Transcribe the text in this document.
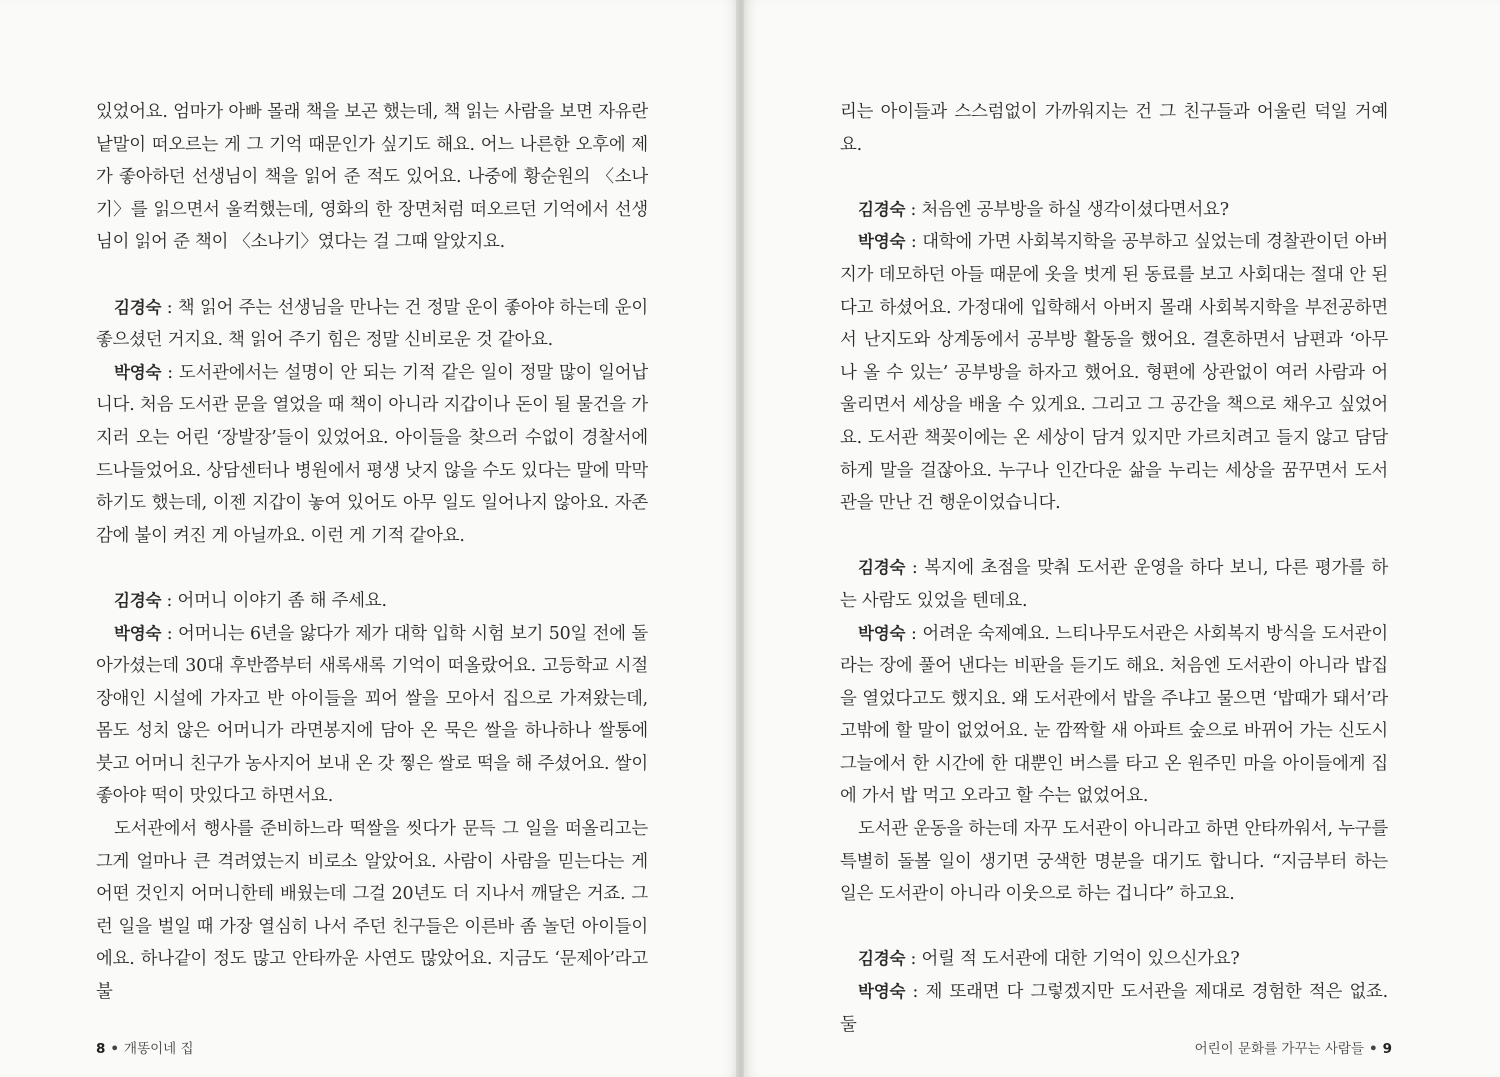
있었어요. 엄마가 아빠 몰래 책을 보곤 했는데, 책 읽는 사람을 보면 자유란 낱말이 떠오르는 게 그 기억 때문인가 싶기도 해요. 어느 나른한 오후에 제가 좋아하던 선생님이 책을 읽어 준 적도 있어요. 나중에 황순원의 〈소나기〉를 읽으면서 울컥했는데, 영화의 한 장면처럼 떠오르던 기억에서 선생님이 읽어 준 책이 〈소나기〉였다는 걸 그때 알았지요.

김경숙 : 책 읽어 주는 선생님을 만나는 건 정말 운이 좋아야 하는데 운이 좋으셨던 거지요. 책 읽어 주기 힘은 정말 신비로운 것 같아요.

박영숙 : 도서관에서는 설명이 안 되는 기적 같은 일이 정말 많이 일어납니다. 처음 도서관 문을 열었을 때 책이 아니라 지갑이나 돈이 될 물건을 가지러 오는 어린 ‘장발장’들이 있었어요. 아이들을 찾으러 수없이 경찰서에 드나들었어요. 상담센터나 병원에서 평생 낫지 않을 수도 있다는 말에 막막하기도 했는데, 이젠 지갑이 놓여 있어도 아무 일도 일어나지 않아요. 자존감에 불이 켜진 게 아닐까요. 이런 게 기적 같아요.

김경숙 : 어머니 이야기 좀 해 주세요.

박영숙 : 어머니는 6년을 앓다가 제가 대학 입학 시험 보기 50일 전에 돌아가셨는데 30대 후반쯤부터 새록새록 기억이 떠올랐어요. 고등학교 시절 장애인 시설에 가자고 반 아이들을 꾀어 쌀을 모아서 집으로 가져왔는데, 몸도 성치 않은 어머니가 라면봉지에 담아 온 묵은 쌀을 하나하나 쌀통에 붓고 어머니 친구가 농사지어 보내 온 갓 찧은 쌀로 떡을 해 주셨어요. 쌀이 좋아야 떡이 맛있다고 하면서요.

도서관에서 행사를 준비하느라 떡쌀을 씻다가 문득 그 일을 떠올리고는 그게 얼마나 큰 격려였는지 비로소 알았어요. 사람이 사람을 믿는다는 게 어떤 것인지 어머니한테 배웠는데 그걸 20년도 더 지나서 깨달은 거죠. 그런 일을 벌일 때 가장 열심히 나서 주던 친구들은 이른바 좀 놀던 아이들이에요. 하나같이 정도 많고 안타까운 사연도 많았어요. 지금도 ‘문제아’라고 불

8 • 개똥이네 집

리는 아이들과 스스럼없이 가까워지는 건 그 친구들과 어울린 덕일 거예요.

김경숙 : 처음엔 공부방을 하실 생각이셨다면서요?

박영숙 : 대학에 가면 사회복지학을 공부하고 싶었는데 경찰관이던 아버지가 데모하던 아들 때문에 옷을 벗게 된 동료를 보고 사회대는 절대 안 된다고 하셨어요. 가정대에 입학해서 아버지 몰래 사회복지학을 부전공하면서 난지도와 상계동에서 공부방 활동을 했어요. 결혼하면서 남편과 ‘아무나 올 수 있는’ 공부방을 하자고 했어요. 형편에 상관없이 여러 사람과 어울리면서 세상을 배울 수 있게요. 그리고 그 공간을 책으로 채우고 싶었어요. 도서관 책꽂이에는 온 세상이 담겨 있지만 가르치려고 들지 않고 담담하게 말을 걸잖아요. 누구나 인간다운 삶을 누리는 세상을 꿈꾸면서 도서관을 만난 건 행운이었습니다.

김경숙 : 복지에 초점을 맞춰 도서관 운영을 하다 보니, 다른 평가를 하는 사람도 있었을 텐데요.

박영숙 : 어려운 숙제예요. 느티나무도서관은 사회복지 방식을 도서관이라는 장에 풀어 낸다는 비판을 듣기도 해요. 처음엔 도서관이 아니라 밥집을 열었다고도 했지요. 왜 도서관에서 밥을 주냐고 물으면 ‘밥때가 돼서’라고밖에 할 말이 없었어요. 눈 깜짝할 새 아파트 숲으로 바뀌어 가는 신도시 그늘에서 한 시간에 한 대뿐인 버스를 타고 온 원주민 마을 아이들에게 집에 가서 밥 먹고 오라고 할 수는 없었어요.

도서관 운동을 하는데 자꾸 도서관이 아니라고 하면 안타까워서, 누구를 특별히 돌볼 일이 생기면 궁색한 명분을 대기도 합니다. “지금부터 하는 일은 도서관이 아니라 이웃으로 하는 겁니다” 하고요.

김경숙 : 어릴 적 도서관에 대한 기억이 있으신가요?

박영숙 : 제 또래면 다 그렇겠지만 도서관을 제대로 경험한 적은 없죠. 둘

어린이 문화를 가꾸는 사람들 • 9
